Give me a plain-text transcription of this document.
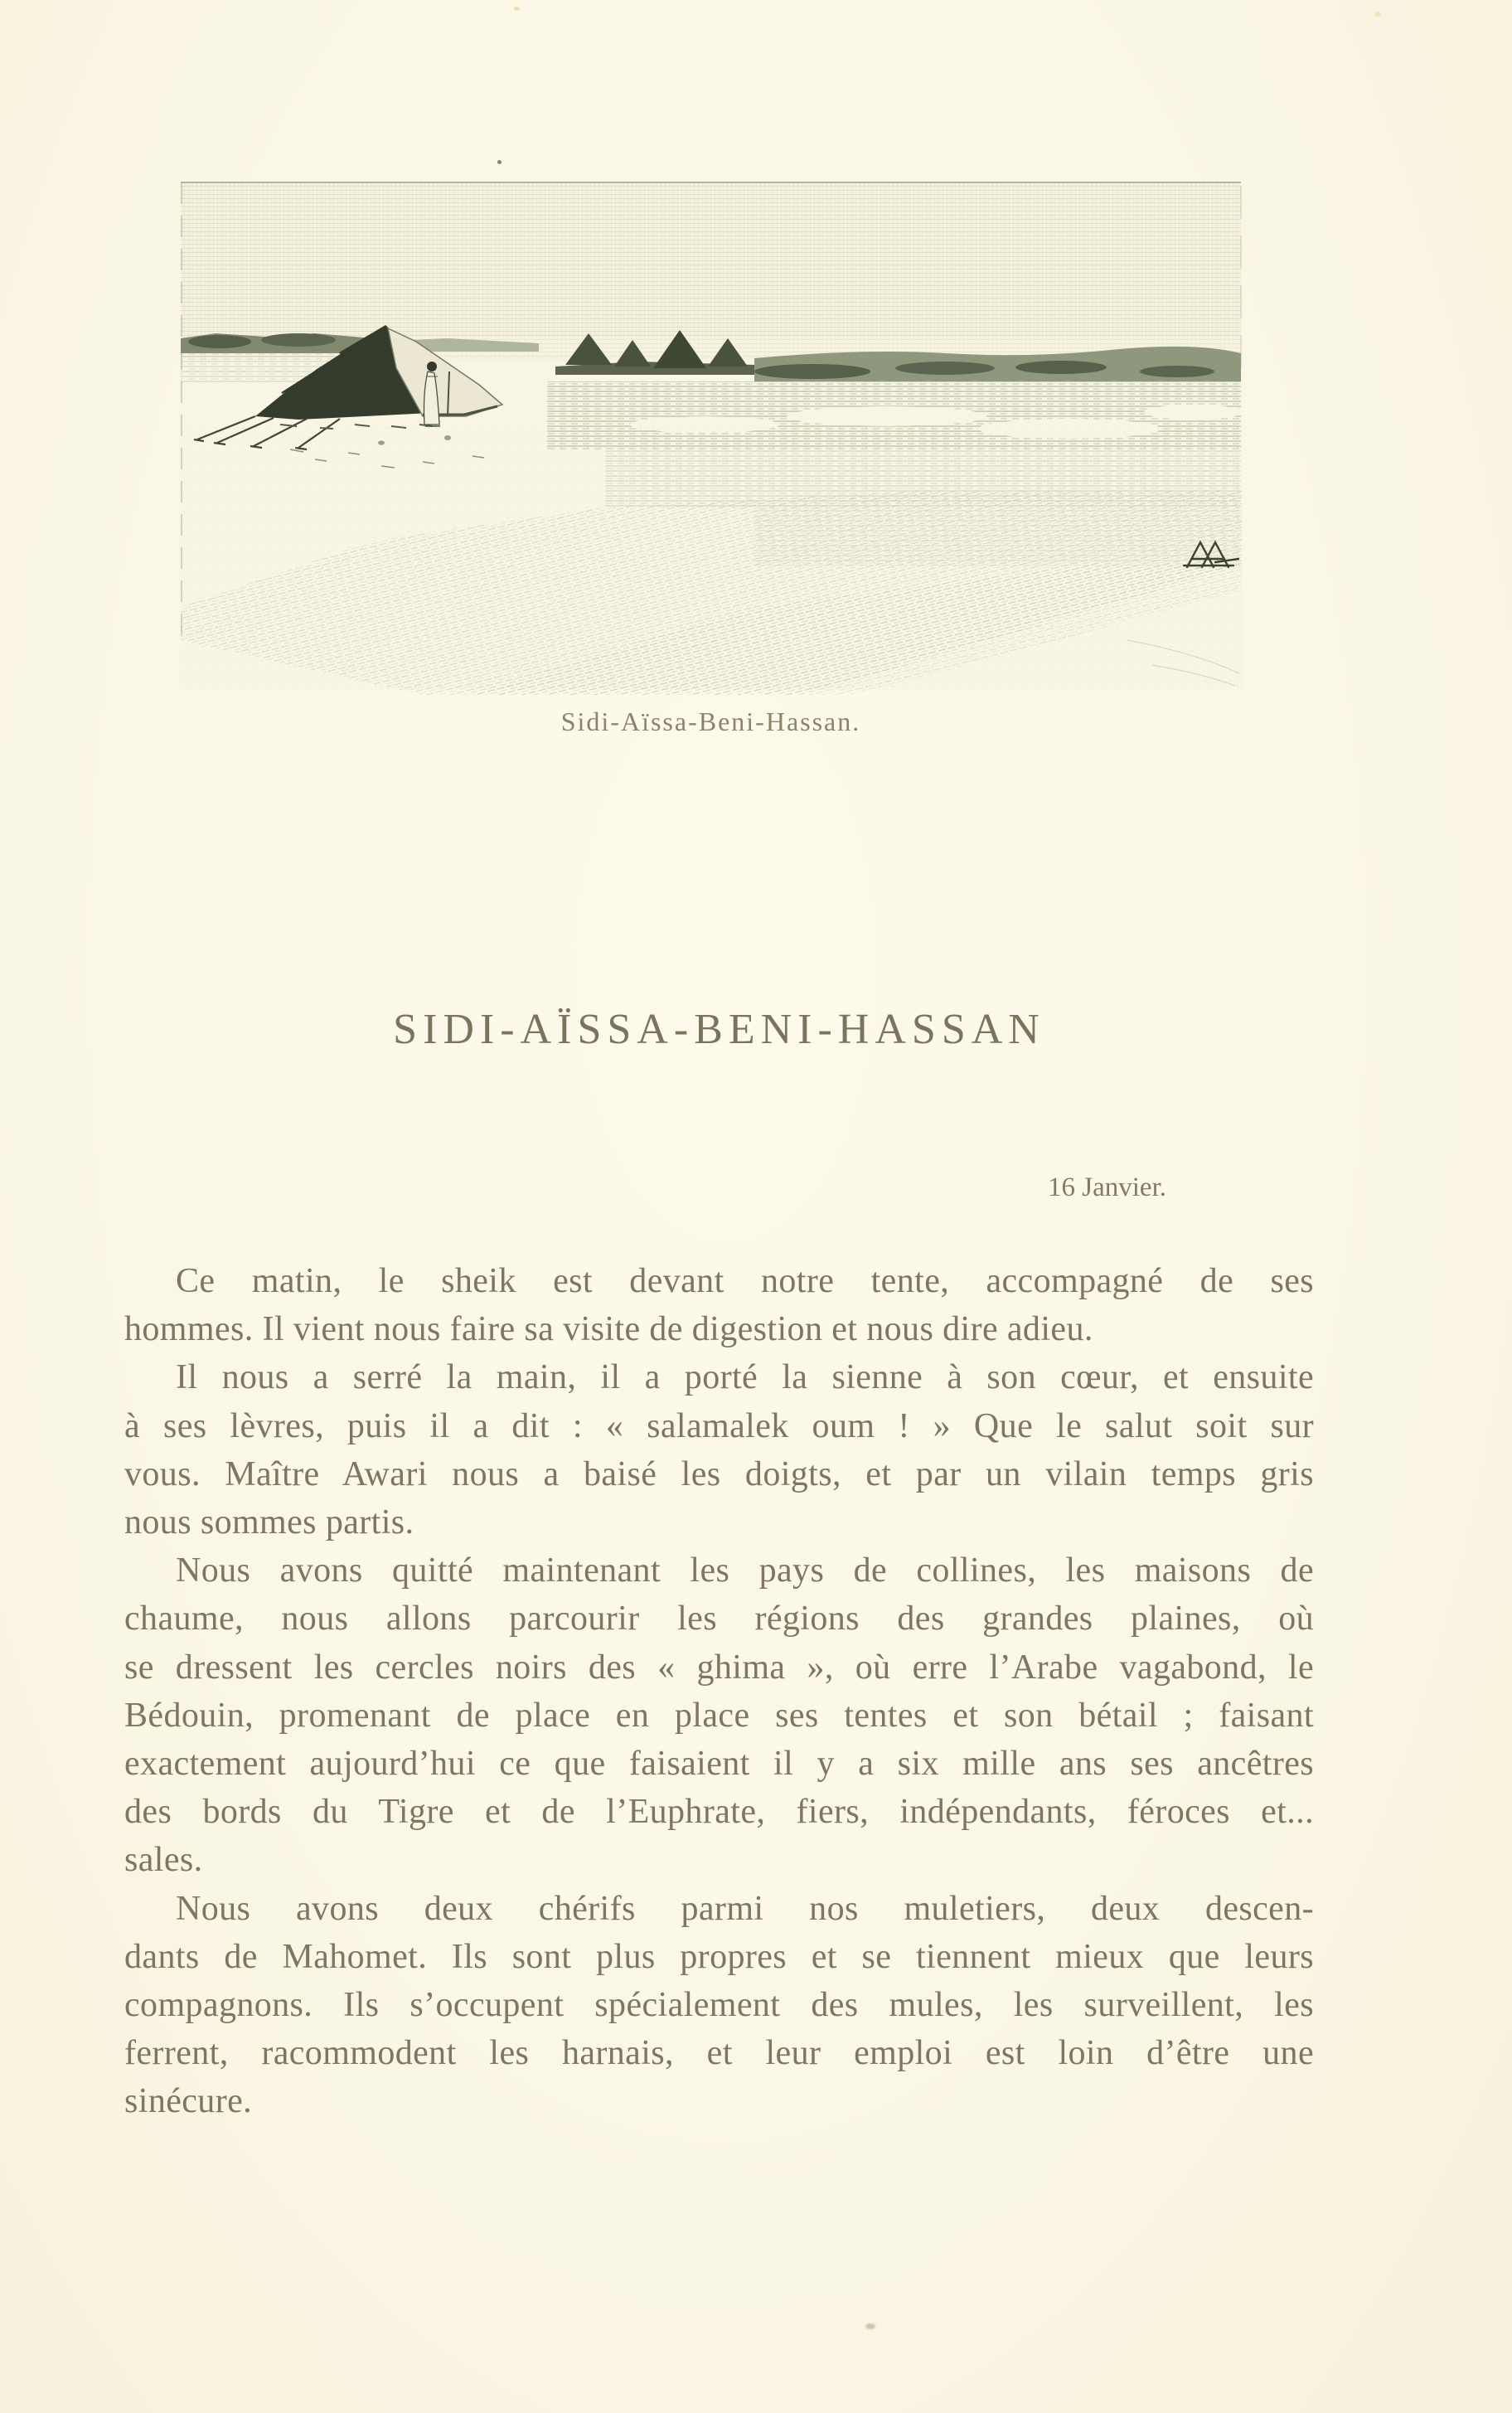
Sidi-Aïssa-Beni-Hassan.
SIDI-AÏSSA-BENI-HASSAN
16 Janvier.
Ce matin, le sheik est devant notre tente, accompagné de ses
hommes. Il vient nous faire sa visite de digestion et nous dire adieu.
Il nous a serré la main, il a porté la sienne à son cœur, et ensuite
à ses lèvres, puis il a dit : « salamalek oum ! » Que le salut soit sur
vous. Maître Awari nous a baisé les doigts, et par un vilain temps gris
nous sommes partis.
Nous avons quitté maintenant les pays de collines, les maisons de
chaume, nous allons parcourir les régions des grandes plaines, où
se dressent les cercles noirs des « ghima », où erre l’Arabe vagabond, le
Bédouin, promenant de place en place ses tentes et son bétail ; faisant
exactement aujourd’hui ce que faisaient il y a six mille ans ses ancêtres
des bords du Tigre et de l’Euphrate, fiers, indépendants, féroces et...
sales.
Nous avons deux chérifs parmi nos muletiers, deux descen-
dants de Mahomet. Ils sont plus propres et se tiennent mieux que leurs
compagnons. Ils s’occupent spécialement des mules, les surveillent, les
ferrent, racommodent les harnais, et leur emploi est loin d’être une
sinécure.
